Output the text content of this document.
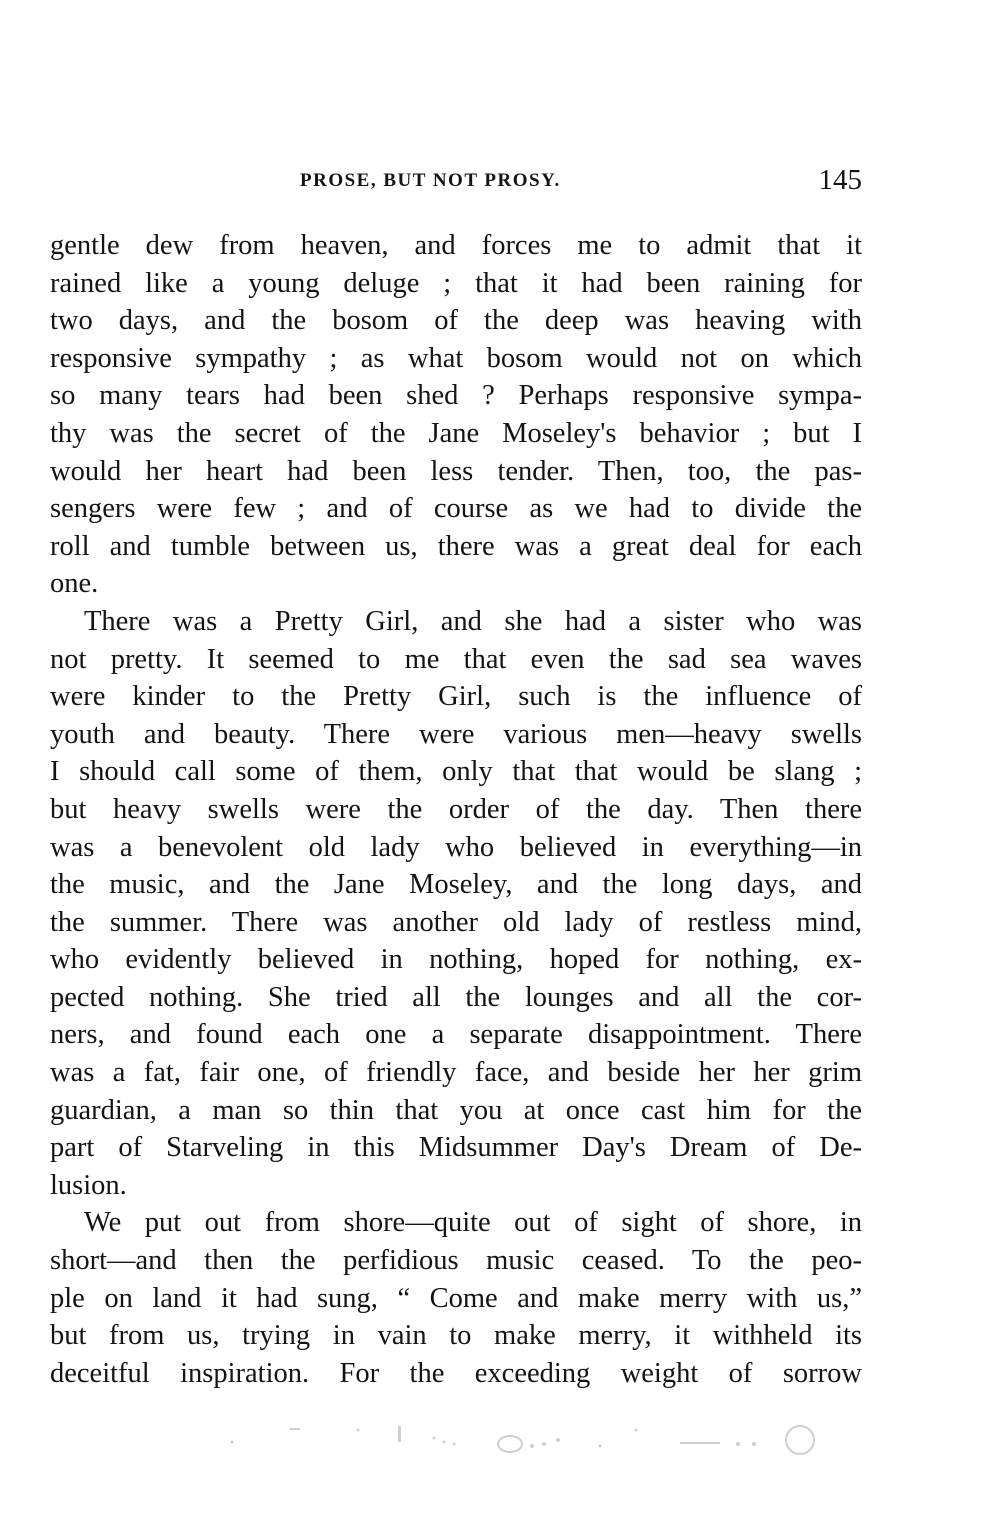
PROSE, BUT NOT PROSY.	145

gentle dew from heaven, and forces me to admit that it
rained like a young deluge ; that it had been raining for
two days, and the bosom of the deep was heaving with
responsive sympathy ; as what bosom would not on which
so many tears had been shed ? Perhaps responsive sympa-
thy was the secret of the Jane Moseley's behavior ; but I
would her heart had been less tender. Then, too, the pas-
sengers were few ; and of course as we had to divide the
roll and tumble between us, there was a great deal for each
one.

There was a Pretty Girl, and she had a sister who was
not pretty. It seemed to me that even the sad sea waves
were kinder to the Pretty Girl, such is the influence of
youth and beauty. There were various men—heavy swells
I should call some of them, only that that would be slang ;
but heavy swells were the order of the day. Then there
was a benevolent old lady who believed in everything—in
the music, and the Jane Moseley, and the long days, and
the summer. There was another old lady of restless mind,
who evidently believed in nothing, hoped for nothing, ex-
pected nothing. She tried all the lounges and all the cor-
ners, and found each one a separate disappointment. There
was a fat, fair one, of friendly face, and beside her her grim
guardian, a man so thin that you at once cast him for the
part of Starveling in this Midsummer Day's Dream of De-
lusion.

We put out from shore—quite out of sight of shore, in
short—and then the perfidious music ceased. To the peo-
ple on land it had sung, “ Come and make merry with us,”
but from us, trying in vain to make merry, it withheld its
deceitful inspiration. For the exceeding weight of sorrow
